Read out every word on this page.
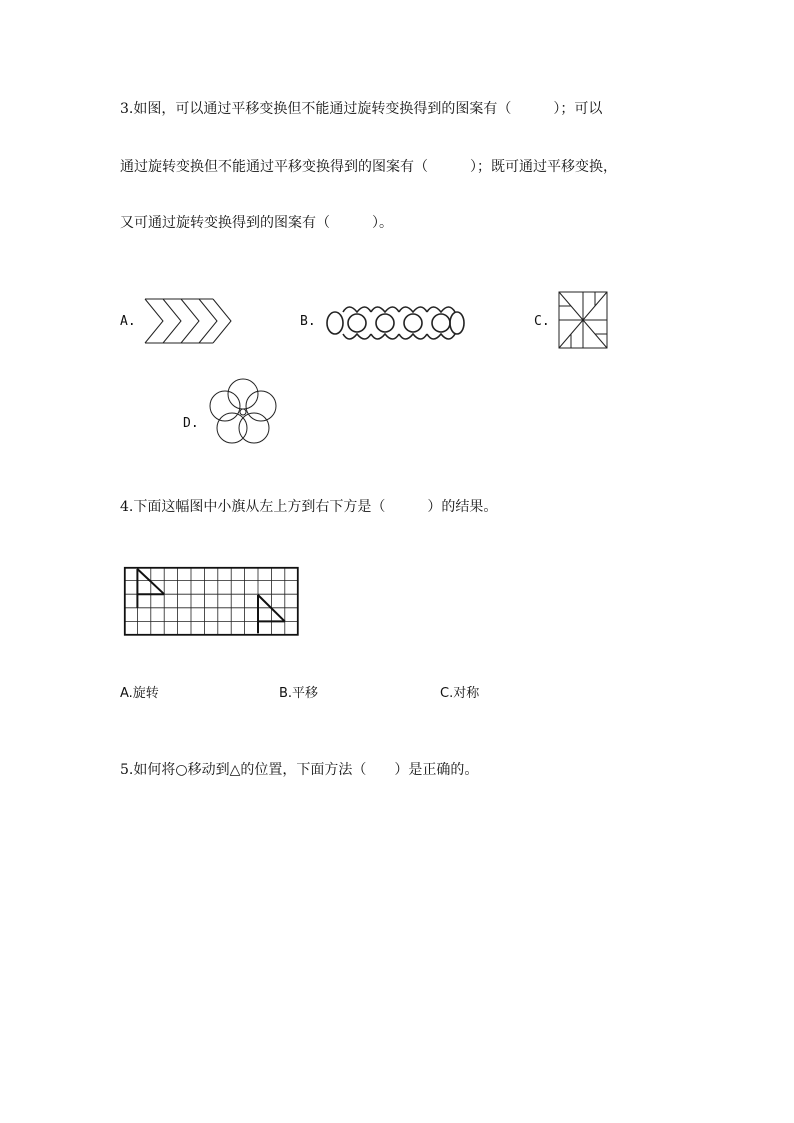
3.如图，可以通过平移变换但不能通过旋转变换得到的图案有（　　　）；可以
通过旋转变换但不能通过平移变换得到的图案有（　　　）；既可通过平移变换，
又可通过旋转变换得到的图案有（　　　）。
A.	B.	C.
D.
4.下面这幅图中小旗从左上方到右下方是（　　　）的结果。
A.旋转	B.平移	C.对称
5.如何将○移动到△的位置，下面方法（　　）是正确的。
